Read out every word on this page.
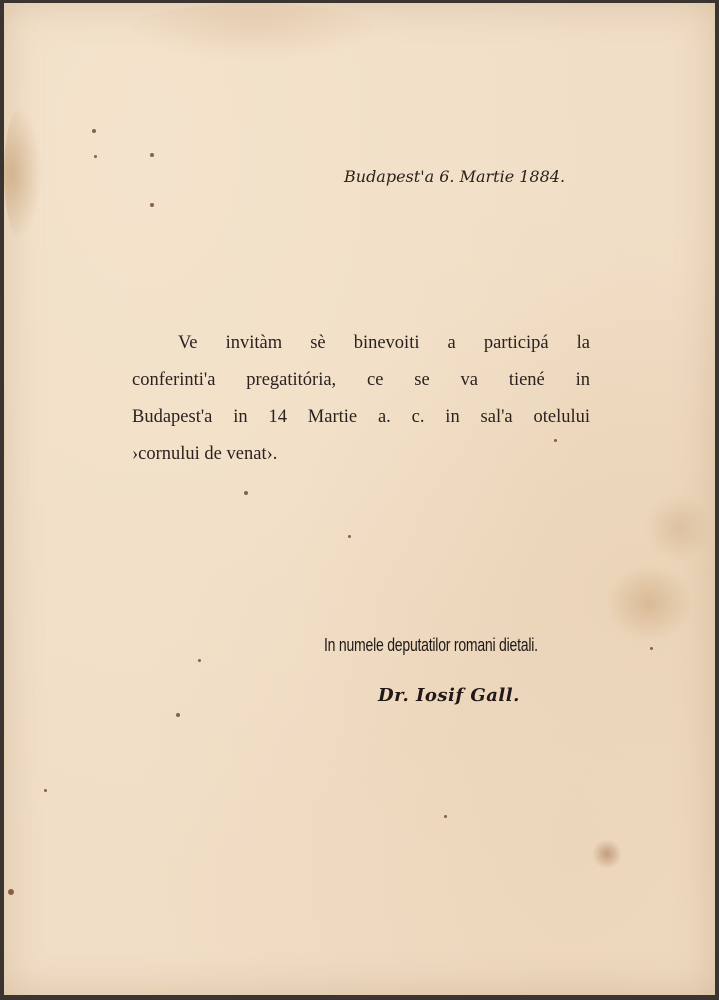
Budapest'a 6. Martie 1884.
Ve invitàm sè binevoiti a participá la
conferinti'a pregatitória, ce se va tiené in
Budapest'a in 14 Martie a. c. in sal'a otelului
›cornului de venat›.
In numele deputatilor romani dietali.
Dr. Iosif Gall.
